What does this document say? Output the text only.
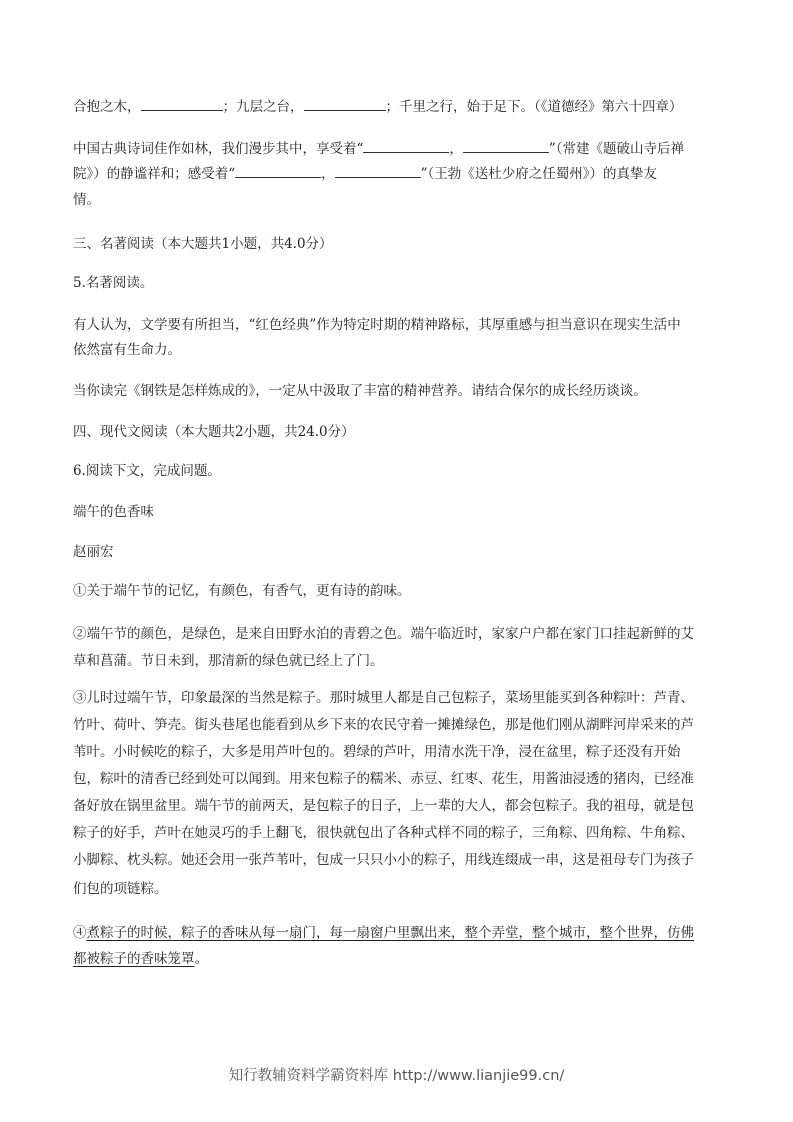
合抱之木，	；九层之台，	；千里之行，始于足下。（《道德经》第六十四章）
中国古典诗词佳作如林，我们漫步其中，享受着“	，	”（常建《题破山寺后禅
院》）的静谧祥和；感受着“	，	”（王勃《送杜少府之任蜀州》）的真挚友
情。
三、名著阅读（本大题共1小题，共4.0分）
5.名著阅读。
有人认为，文学要有所担当，“红色经典”作为特定时期的精神路标，其厚重感与担当意识在现实生活中
依然富有生命力。
当你读完《钢铁是怎样炼成的》，一定从中汲取了丰富的精神营养。请结合保尔的成长经历谈谈。
四、现代文阅读（本大题共2小题，共24.0分）
6.阅读下文，完成问题。
端午的色香味
赵丽宏
①关于端午节的记忆，有颜色，有香气，更有诗的韵味。
②端午节的颜色，是绿色，是来自田野水泊的青碧之色。端午临近时，家家户户都在家门口挂起新鲜的艾
草和菖蒲。节日未到，那清新的绿色就已经上了门。
③儿时过端午节，印象最深的当然是粽子。那时城里人都是自己包粽子，菜场里能买到各种粽叶：芦青、
竹叶、荷叶、笋壳。街头巷尾也能看到从乡下来的农民守着一摊摊绿色，那是他们刚从湖畔河岸采来的芦
苇叶。小时候吃的粽子，大多是用芦叶包的。碧绿的芦叶，用清水洗干净，浸在盆里，粽子还没有开始
包，粽叶的清香已经到处可以闻到。用来包粽子的糯米、赤豆、红枣、花生，用酱油浸透的猪肉，已经准
备好放在锅里盆里。端午节的前两天，是包粽子的日子，上一辈的大人，都会包粽子。我的祖母，就是包
粽子的好手，芦叶在她灵巧的手上翻飞，很快就包出了各种式样不同的粽子，三角粽、四角粽、牛角粽、
小脚粽、枕头粽。她还会用一张芦苇叶，包成一只只小小的粽子，用线连缀成一串，这是祖母专门为孩子
们包的项链粽。
④煮粽子的时候，粽子的香味从每一扇门，每一扇窗户里飘出来，整个弄堂，整个城市，整个世界，仿佛
都被粽子的香味笼罩。
知行教辅资料学霸资料库 http://www.lianjie99.cn/
